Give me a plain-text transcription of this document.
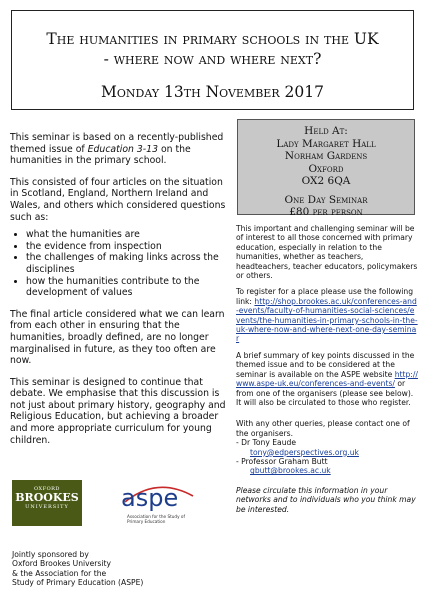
The humanities in primary schools in the UK
- where now and where next?
Monday 13th November 2017
Held At:
Lady Margaret Hall
Norham Gardens
Oxford
OX2 6QA
One Day Seminar
£80 per person

This seminar is based on a recently-published themed issue of Education 3-13 on the humanities in the primary school.

This consisted of four articles on the situation in Scotland, England, Northern Ireland and Wales, and others which considered questions such as:

• what the humanities are
• the evidence from inspection
• the challenges of making links across the disciplines
• how the humanities contribute to the development of values

The final article considered what we can learn from each other in ensuring that the humanities, broadly defined, are no longer marginalised in future, as they too often are now.

This seminar is designed to continue that debate. We emphasise that this discussion is not just about primary history, geography and Religious Education, but achieving a broader and more appropriate curriculum for young children.

This important and challenging seminar will be of interest to all those concerned with primary education, especially in relation to the humanities, whether as teachers, headteachers, teacher educators, policymakers or others.

To register for a place please use the following link: http://shop.brookes.ac.uk/conferences-and-events/faculty-of-humanities-social-sciences/events/the-humanities-in-primary-schools-in-the-uk-where-now-and-where-next-one-day-seminar

A brief summary of key points discussed in the themed issue and to be considered at the seminar is available on the ASPE website http://www.aspe-uk.eu/conferences-and-events/ or from one of the organisers (please see below). It will also be circulated to those who register.

With any other queries, please contact one of the organisers.

- Dr Tony Eaude
tony@edperspectives.org.uk
- Professor Graham Butt
gbutt@brookes.ac.uk

Please circulate this information in your networks and to individuals who you think may be interested.

OXFORD
BROOKES
UNIVERSITY	aspe
Association for the Study of Primary Education
Jointly sponsored by
Oxford Brookes University
& the Association for the
Study of Primary Education (ASPE)
